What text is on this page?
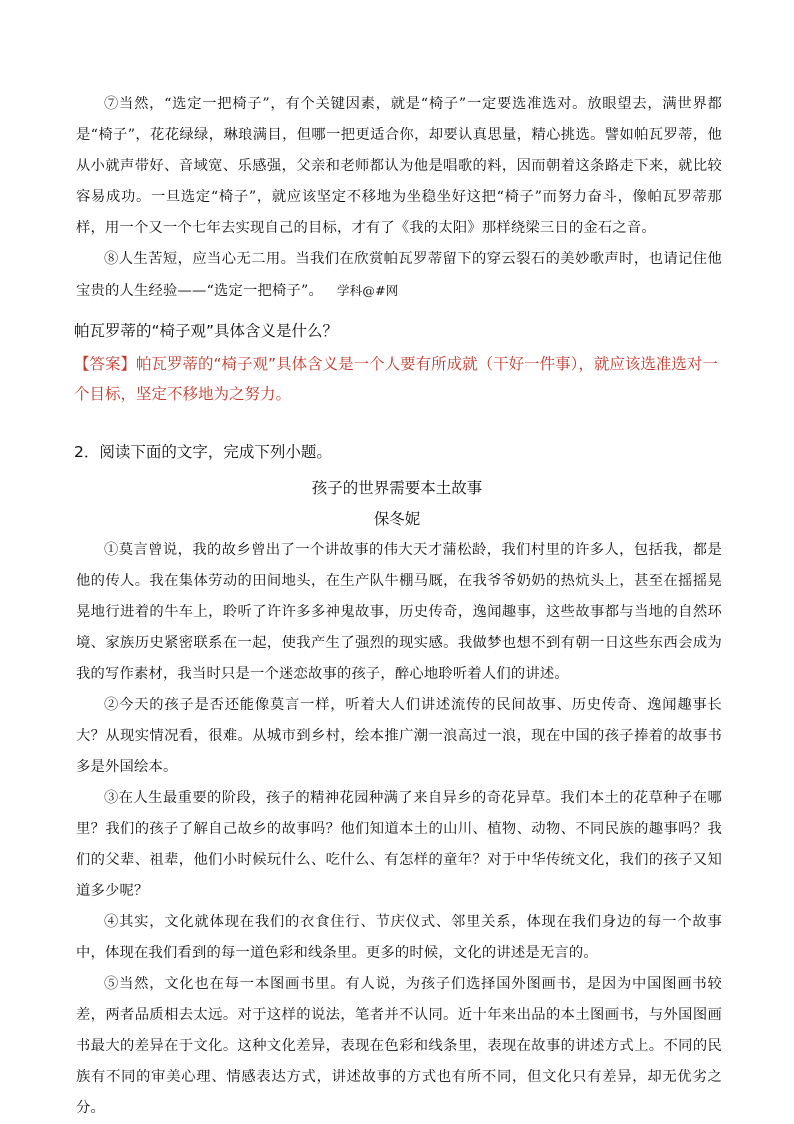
⑦当然，“选定一把椅子”，有个关键因素，就是“椅子”一定要选准选对。放眼望去，满世界都是“椅子”，花花绿绿，琳琅满目，但哪一把更适合你，却要认真思量，精心挑选。譬如帕瓦罗蒂，他从小就声带好、音域宽、乐感强，父亲和老师都认为他是唱歌的料，因而朝着这条路走下来，就比较容易成功。一旦选定“椅子”，就应该坚定不移地为坐稳坐好这把“椅子”而努力奋斗，像帕瓦罗蒂那样，用一个又一个七年去实现自己的目标，才有了《我的太阳》那样绕梁三日的金石之音。

⑧人生苦短，应当心无二用。当我们在欣赏帕瓦罗蒂留下的穿云裂石的美妙歌声时，也请记住他宝贵的人生经验——“选定一把椅子”。 学科@#网

帕瓦罗蒂的“椅子观”具体含义是什么？
【答案】帕瓦罗蒂的“椅子观”具体含义是一个人要有所成就（干好一件事），就应该选准选对一个目标，坚定不移地为之努力。
2．阅读下面的文字，完成下列小题。
孩子的世界需要本土故事
保冬妮

①莫言曾说，我的故乡曾出了一个讲故事的伟大天才蒲松龄，我们村里的许多人，包括我，都是他的传人。我在集体劳动的田间地头，在生产队牛棚马厩，在我爷爷奶奶的热炕头上，甚至在摇摇晃晃地行进着的牛车上，聆听了许许多多神鬼故事，历史传奇，逸闻趣事，这些故事都与当地的自然环境、家族历史紧密联系在一起，使我产生了强烈的现实感。我做梦也想不到有朝一日这些东西会成为我的写作素材，我当时只是一个迷恋故事的孩子，醉心地聆听着人们的讲述。

②今天的孩子是否还能像莫言一样，听着大人们讲述流传的民间故事、历史传奇、逸闻趣事长大？从现实情况看，很难。从城市到乡村，绘本推广潮一浪高过一浪，现在中国的孩子捧着的故事书多是外国绘本。

③在人生最重要的阶段，孩子的精神花园种满了来自异乡的奇花异草。我们本土的花草种子在哪里？我们的孩子了解自己故乡的故事吗？他们知道本土的山川、植物、动物、不同民族的趣事吗？我们的父辈、祖辈，他们小时候玩什么、吃什么、有怎样的童年？对于中华传统文化，我们的孩子又知道多少呢？

④其实，文化就体现在我们的衣食住行、节庆仪式、邻里关系，体现在我们身边的每一个故事中，体现在我们看到的每一道色彩和线条里。更多的时候，文化的讲述是无言的。

⑤当然，文化也在每一本图画书里。有人说，为孩子们选择国外图画书，是因为中国图画书较差，两者品质相去太远。对于这样的说法，笔者并不认同。近十年来出品的本土图画书，与外国图画书最大的差异在于文化。这种文化差异，表现在色彩和线条里，表现在故事的讲述方式上。不同的民族有不同的审美心理、情感表达方式，讲述故事的方式也有所不同，但文化只有差异，却无优劣之分。
